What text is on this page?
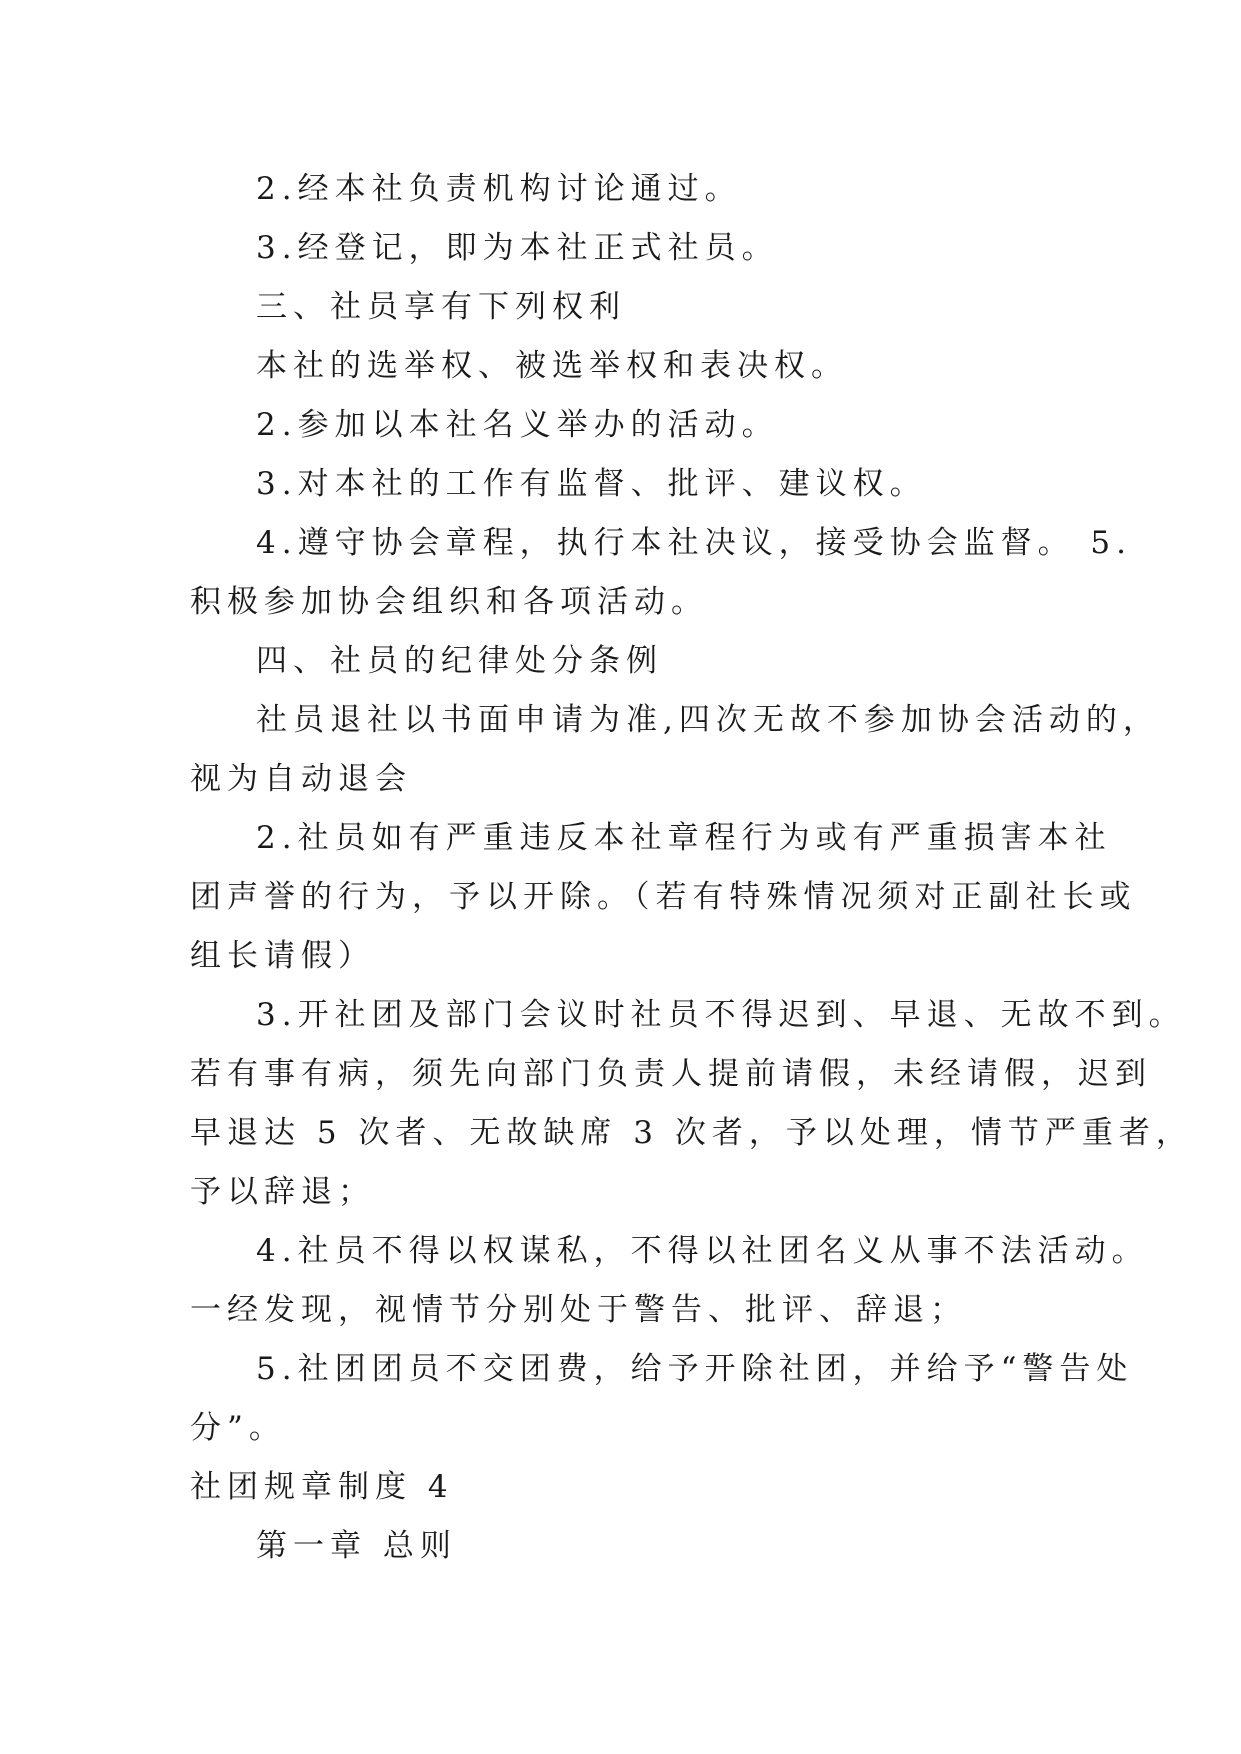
2.经本社负责机构讨论通过。

3.经登记，即为本社正式社员。

三、社员享有下列权利

本社的选举权、被选举权和表决权。

2.参加以本社名义举办的活动。

3.对本社的工作有监督、批评、建议权。

4.遵守协会章程，执行本社决议，接受协会监督。 5.

积极参加协会组织和各项活动。

四、社员的纪律处分条例

社员退社以书面申请为准,四次无故不参加协会活动的，

视为自动退会

2.社员如有严重违反本社章程行为或有严重损害本社

团声誉的行为，予以开除。（若有特殊情况须对正副社长或

组长请假）

3.开社团及部门会议时社员不得迟到、早退、无故不到。

若有事有病，须先向部门负责人提前请假，未经请假，迟到

早退达 5 次者、无故缺席 3 次者，予以处理，情节严重者，

予以辞退；

4.社员不得以权谋私，不得以社团名义从事不法活动。

一经发现，视情节分别处于警告、批评、辞退；

5.社团团员不交团费，给予开除社团，并给予“警告处

分”。

社团规章制度 4

第一章 总则
